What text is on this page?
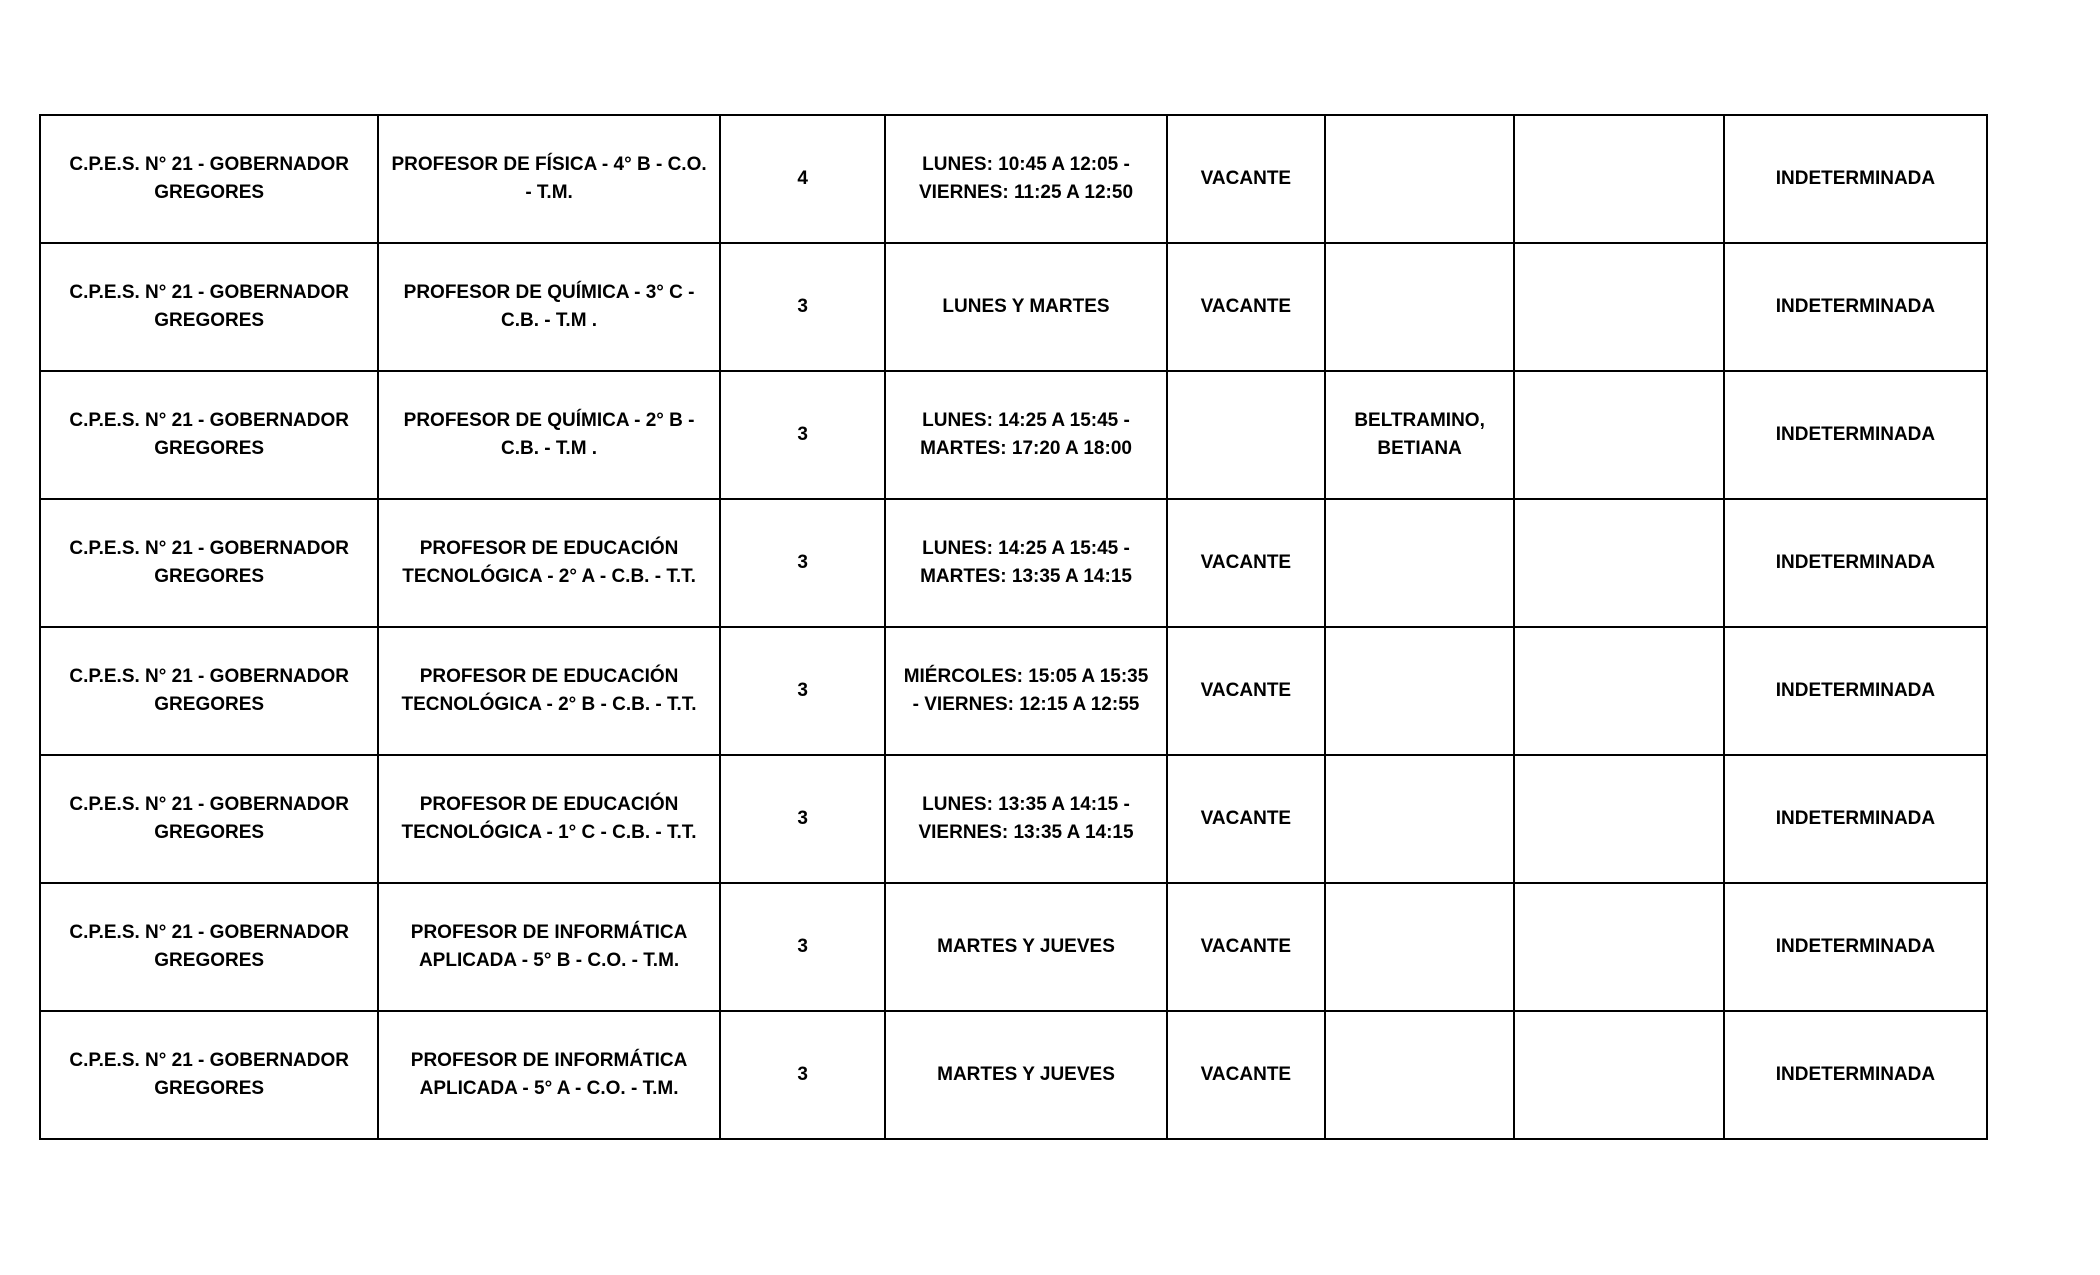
C.P.E.S. N° 21 - GOBERNADOR GREGORES	PROFESOR DE FÍSICA - 4° B - C.O. - T.M.	4	LUNES: 10:45 A 12:05 - VIERNES: 11:25 A 12:50	VACANTE			INDETERMINADA
C.P.E.S. N° 21 - GOBERNADOR GREGORES	PROFESOR DE QUÍMICA - 3° C - C.B. - T.M .	3	LUNES Y MARTES	VACANTE			INDETERMINADA
C.P.E.S. N° 21 - GOBERNADOR GREGORES	PROFESOR DE QUÍMICA - 2° B - C.B. - T.M .	3	LUNES: 14:25 A 15:45 - MARTES: 17:20 A 18:00		BELTRAMINO, BETIANA		INDETERMINADA
C.P.E.S. N° 21 - GOBERNADOR GREGORES	PROFESOR DE EDUCACIÓN TECNOLÓGICA - 2° A - C.B. - T.T.	3	LUNES: 14:25 A 15:45 - MARTES: 13:35 A 14:15	VACANTE			INDETERMINADA
C.P.E.S. N° 21 - GOBERNADOR GREGORES	PROFESOR DE EDUCACIÓN TECNOLÓGICA - 2° B - C.B. - T.T.	3	MIÉRCOLES: 15:05 A 15:35 - VIERNES: 12:15 A 12:55	VACANTE			INDETERMINADA
C.P.E.S. N° 21 - GOBERNADOR GREGORES	PROFESOR DE EDUCACIÓN TECNOLÓGICA - 1° C - C.B. - T.T.	3	LUNES: 13:35 A 14:15 - VIERNES: 13:35 A 14:15	VACANTE			INDETERMINADA
C.P.E.S. N° 21 - GOBERNADOR GREGORES	PROFESOR DE INFORMÁTICA APLICADA - 5° B - C.O. - T.M.	3	MARTES Y JUEVES	VACANTE			INDETERMINADA
C.P.E.S. N° 21 - GOBERNADOR GREGORES	PROFESOR DE INFORMÁTICA APLICADA - 5° A - C.O. - T.M.	3	MARTES Y JUEVES	VACANTE			INDETERMINADA
